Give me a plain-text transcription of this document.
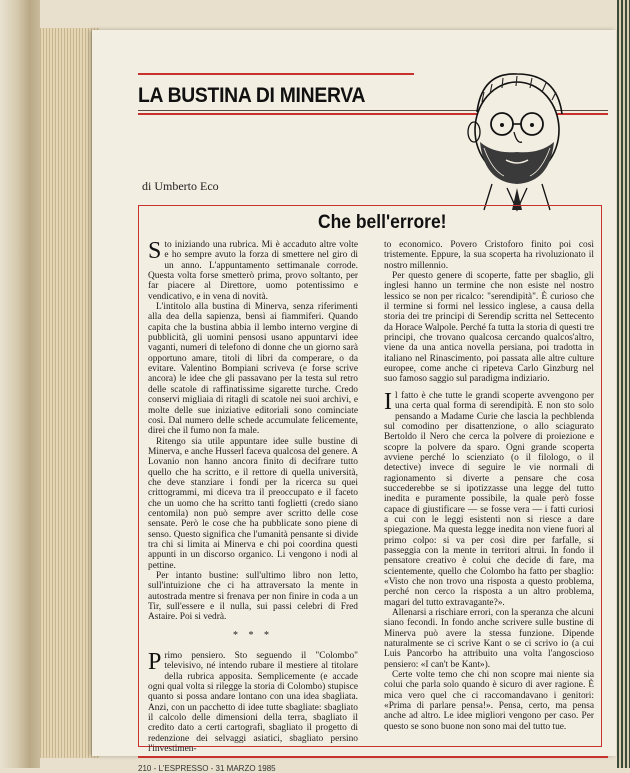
LA BUSTINA DI MINERVA
di Umberto Eco
Che bell'errore!

Sto iniziando una rubrica. Mi è accaduto altre volte e ho sempre avuto la forza di smettere nel giro di un anno. L'appuntamento settimanale corrode. Questa volta forse smetterò prima, provo soltanto, per far piacere al Direttore, uomo potentissimo e vendicativo, e in vena di novità.

L'intitolo alla bustina di Minerva, senza riferimenti alla dea della sapienza, bensì ai fiammiferi. Quando capita che la bustina abbia il lembo interno vergine di pubblicità, gli uomini pensosi usano appuntarvi idee vaganti, numeri di telefono di donne che un giorno sarà opportuno amare, titoli di libri da comperare, o da evitare. Valentino Bompiani scriveva (e forse scrive ancora) le idee che gli passavano per la testa sul retro delle scatole di raffinatissime sigarette turche. Credo conservi migliaia di ritagli di scatole nei suoi archivi, e molte delle sue iniziative editoriali sono cominciate così. Dal numero delle schede accumulate felicemente, direi che il fumo non fa male.

Ritengo sia utile appuntare idee sulle bustine di Minerva, e anche Husserl faceva qualcosa del genere. A Lovanio non hanno ancora finito di decifrare tutto quello che ha scritto, e il rettore di quella università, che deve stanziare i fondi per la ricerca su quei crittogrammi, mi diceva tra il preoccupato e il faceto che un uomo che ha scritto tanti foglietti (credo siano centomila) non può sempre aver scritto delle cose sensate. Però le cose che ha pubblicate sono piene di senso. Questo significa che l'umanità pensante si divide tra chi si limita ai Minerva e chi poi coordina questi appunti in un discorso organico. Li vengono i nodi al pettine.

Per intanto bustine: sull'ultimo libro non letto, sull'intuizione che ci ha attraversato la mente in autostrada mentre si frenava per non finire in coda a un Tir, sull'essere e il nulla, sui passi celebri di Fred Astaire. Poi si vedrà.

* * *

Primo pensiero. Sto seguendo il "Colombo" televisivo, né intendo rubare il mestiere al titolare della rubrica apposita. Semplicemente (e accade ogni qual volta si rilegge la storia di Colombo) stupisce quanto si possa andare lontano con una idea sbagliata. Anzi, con un pacchetto di idee tutte sbagliate: sbagliato il calcolo delle dimensioni della terra, sbagliato il credito dato a certi cartografi, sbagliato il progetto di redenzione dei selvaggi asiatici, sbagliato persino l'investimen-

to economico. Povero Cristoforo finito poi così tristemente. Eppure, la sua scoperta ha rivoluzionato il nostro millennio.

Per questo genere di scoperte, fatte per sbaglio, gli inglesi hanno un termine che non esiste nel nostro lessico se non per ricalco: "serendipità". È curioso che il termine si formi nel lessico inglese, a causa della storia dei tre principi di Serendip scritta nel Settecento da Horace Walpole. Perché fa tutta la storia di questi tre principi, che trovano qualcosa cercando qualcos'altro, viene da una antica novella persiana, poi tradotta in italiano nel Rinascimento, poi passata alle altre culture europee, come anche ci ripeteva Carlo Ginzburg nel suo famoso saggio sul paradigma indiziario.

Il fatto è che tutte le grandi scoperte avvengono per una certa qual forma di serendipità. E non sto solo pensando a Madame Curie che lascia la pechblenda sul comodino per disattenzione, o allo sciagurato Bertoldo il Nero che cerca la polvere di proiezione e scopre la polvere da sparo. Ogni grande scoperta avviene perché lo scienziato (o il filologo, o il detective) invece di seguire le vie normali di ragionamento si diverte a pensare che cosa succederebbe se si ipotizzasse una legge del tutto inedita e puramente possibile, la quale però fosse capace di giustificare — se fosse vera — i fatti curiosi a cui con le leggi esistenti non si riesce a dare spiegazione. Ma questa legge inedita non viene fuori al primo colpo: si va per così dire per farfalle, si passeggia con la mente in territori altrui. In fondo il pensatore creativo è colui che decide di fare, ma scientemente, quello che Colombo ha fatto per sbaglio: «Visto che non trovo una risposta a questo problema, perché non cerco la risposta a un altro problema, magari del tutto extravagante?».

Allenarsi a rischiare errori, con la speranza che alcuni siano fecondi. In fondo anche scrivere sulle bustine di Minerva può avere la stessa funzione. Dipende naturalmente se ci scrive Kant o se ci scrivo io (a cui Luis Pancorbo ha attribuito una volta l'angoscioso pensiero: «I can't be Kant»).

Certe volte temo che chi non scopre mai niente sia colui che parla solo quando è sicuro di aver ragione. È mica vero quel che ci raccomandavano i genitori: «Prima di parlare pensa!». Pensa, certo, ma pensa anche ad altro. Le idee migliori vengono per caso. Per questo se sono buone non sono mai del tutto tue.

210 - L'ESPRESSO - 31 MARZO 1985
